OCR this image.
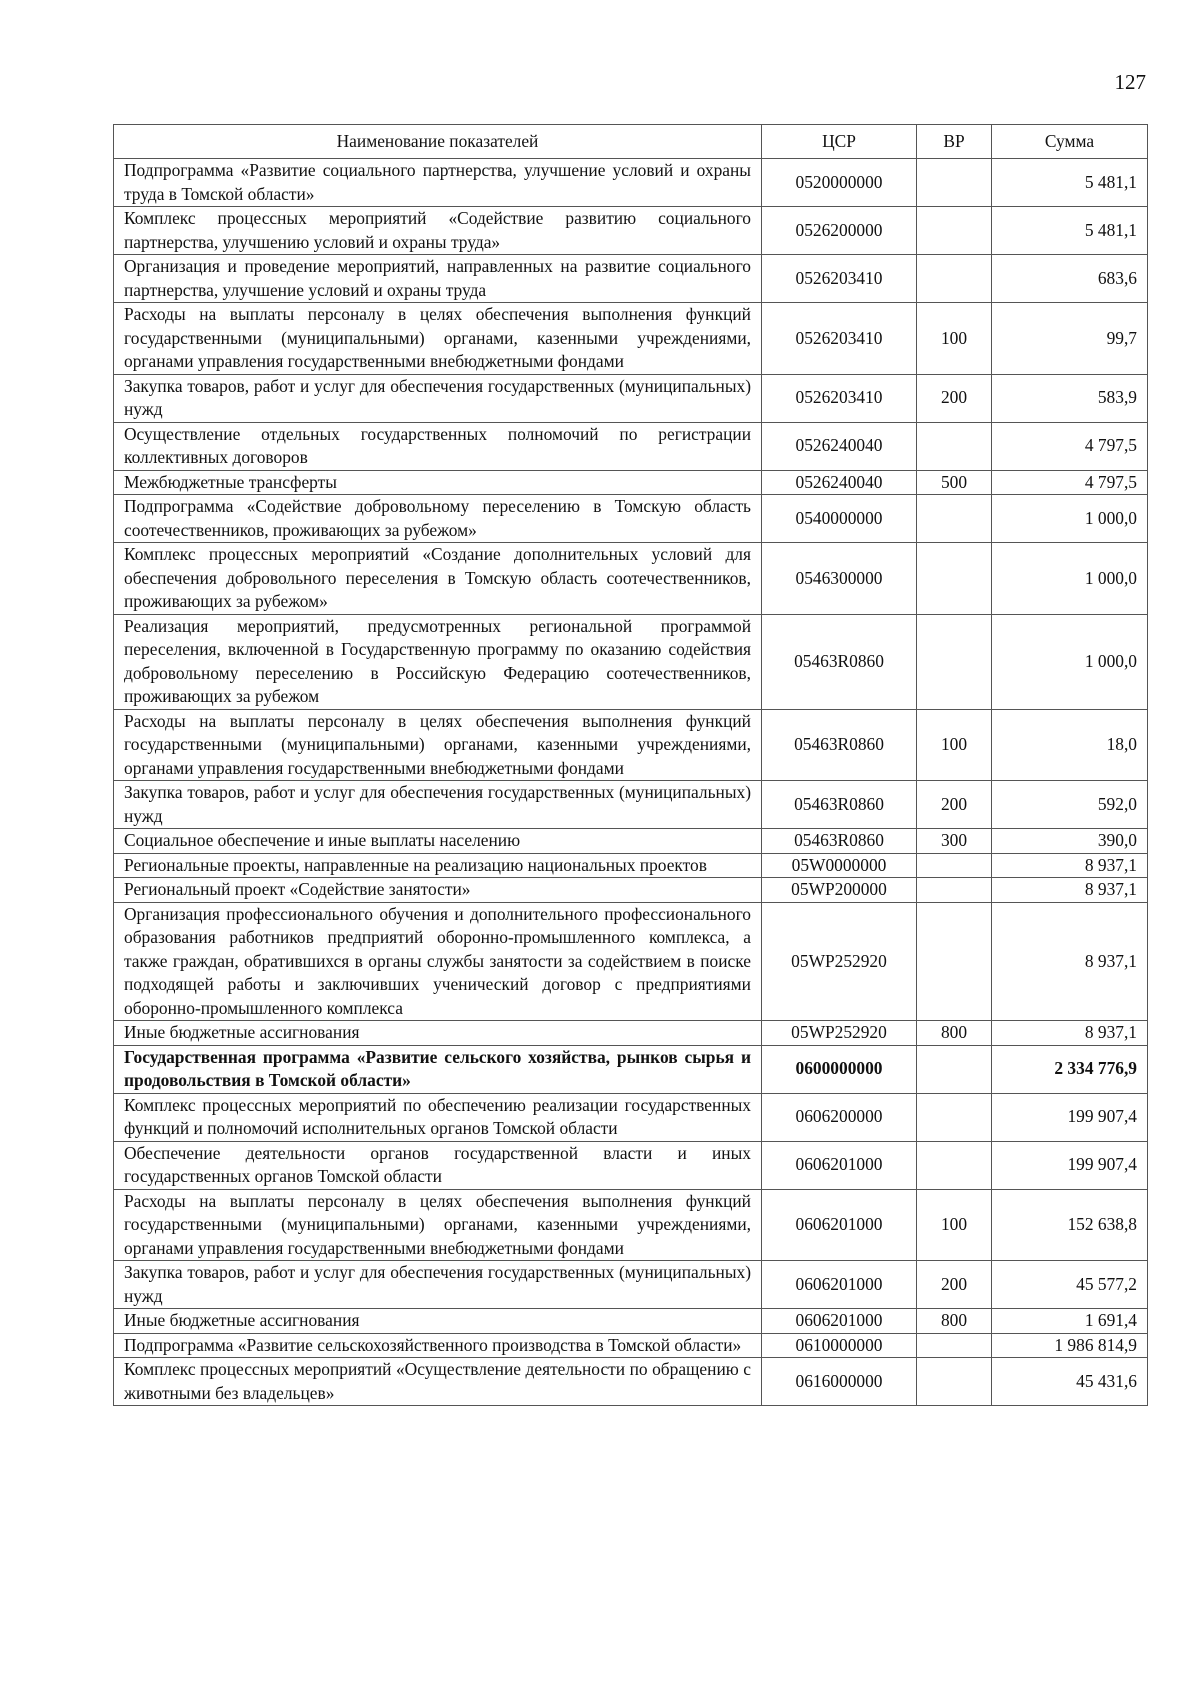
127
Наименование показателей	ЦСР	ВР	Сумма
Подпрограмма «Развитие социального партнерства, улучшение условий и охраны труда в Томской области»	0520000000		5 481,1
Комплекс процессных мероприятий «Содействие развитию социального партнерства, улучшению условий и охраны труда»	0526200000		5 481,1
Организация и проведение мероприятий, направленных на развитие социального партнерства, улучшение условий и охраны труда	0526203410		683,6
Расходы на выплаты персоналу в целях обеспечения выполнения функций государственными (муниципальными) органами, казенными учреждениями, органами управления государственными внебюджетными фондами	0526203410	100	99,7
Закупка товаров, работ и услуг для обеспечения государственных (муниципальных) нужд	0526203410	200	583,9
Осуществление отдельных государственных полномочий по регистрации коллективных договоров	0526240040		4 797,5
Межбюджетные трансферты	0526240040	500	4 797,5
Подпрограмма «Содействие добровольному переселению в Томскую область соотечественников, проживающих за рубежом»	0540000000		1 000,0
Комплекс процессных мероприятий «Создание дополнительных условий для обеспечения добровольного переселения в Томскую область соотечественников, проживающих за рубежом»	0546300000		1 000,0
Реализация мероприятий, предусмотренных региональной программой переселения, включенной в Государственную программу по оказанию содействия добровольному переселению в Российскую Федерацию соотечественников, проживающих за рубежом	05463R0860		1 000,0
Расходы на выплаты персоналу в целях обеспечения выполнения функций государственными (муниципальными) органами, казенными учреждениями, органами управления государственными внебюджетными фондами	05463R0860	100	18,0
Закупка товаров, работ и услуг для обеспечения государственных (муниципальных) нужд	05463R0860	200	592,0
Социальное обеспечение и иные выплаты населению	05463R0860	300	390,0
Региональные проекты, направленные на реализацию национальных проектов	05W0000000		8 937,1
Региональный проект «Содействие занятости»	05WP200000		8 937,1
Организация профессионального обучения и дополнительного профессионального образования работников предприятий оборонно-промышленного комплекса, а также граждан, обратившихся в органы службы занятости за содействием в поиске подходящей работы и заключивших ученический договор с предприятиями оборонно-промышленного комплекса	05WP252920		8 937,1
Иные бюджетные ассигнования	05WP252920	800	8 937,1
Государственная программа «Развитие сельского хозяйства, рынков сырья и продовольствия в Томской области»	0600000000		2 334 776,9
Комплекс процессных мероприятий по обеспечению реализации государственных функций и полномочий исполнительных органов Томской области	0606200000		199 907,4
Обеспечение деятельности органов государственной власти и иных государственных органов Томской области	0606201000		199 907,4
Расходы на выплаты персоналу в целях обеспечения выполнения функций государственными (муниципальными) органами, казенными учреждениями, органами управления государственными внебюджетными фондами	0606201000	100	152 638,8
Закупка товаров, работ и услуг для обеспечения государственных (муниципальных) нужд	0606201000	200	45 577,2
Иные бюджетные ассигнования	0606201000	800	1 691,4
Подпрограмма «Развитие сельскохозяйственного производства в Томской области»	0610000000		1 986 814,9
Комплекс процессных мероприятий «Осуществление деятельности по обращению с животными без владельцев»	0616000000		45 431,6
